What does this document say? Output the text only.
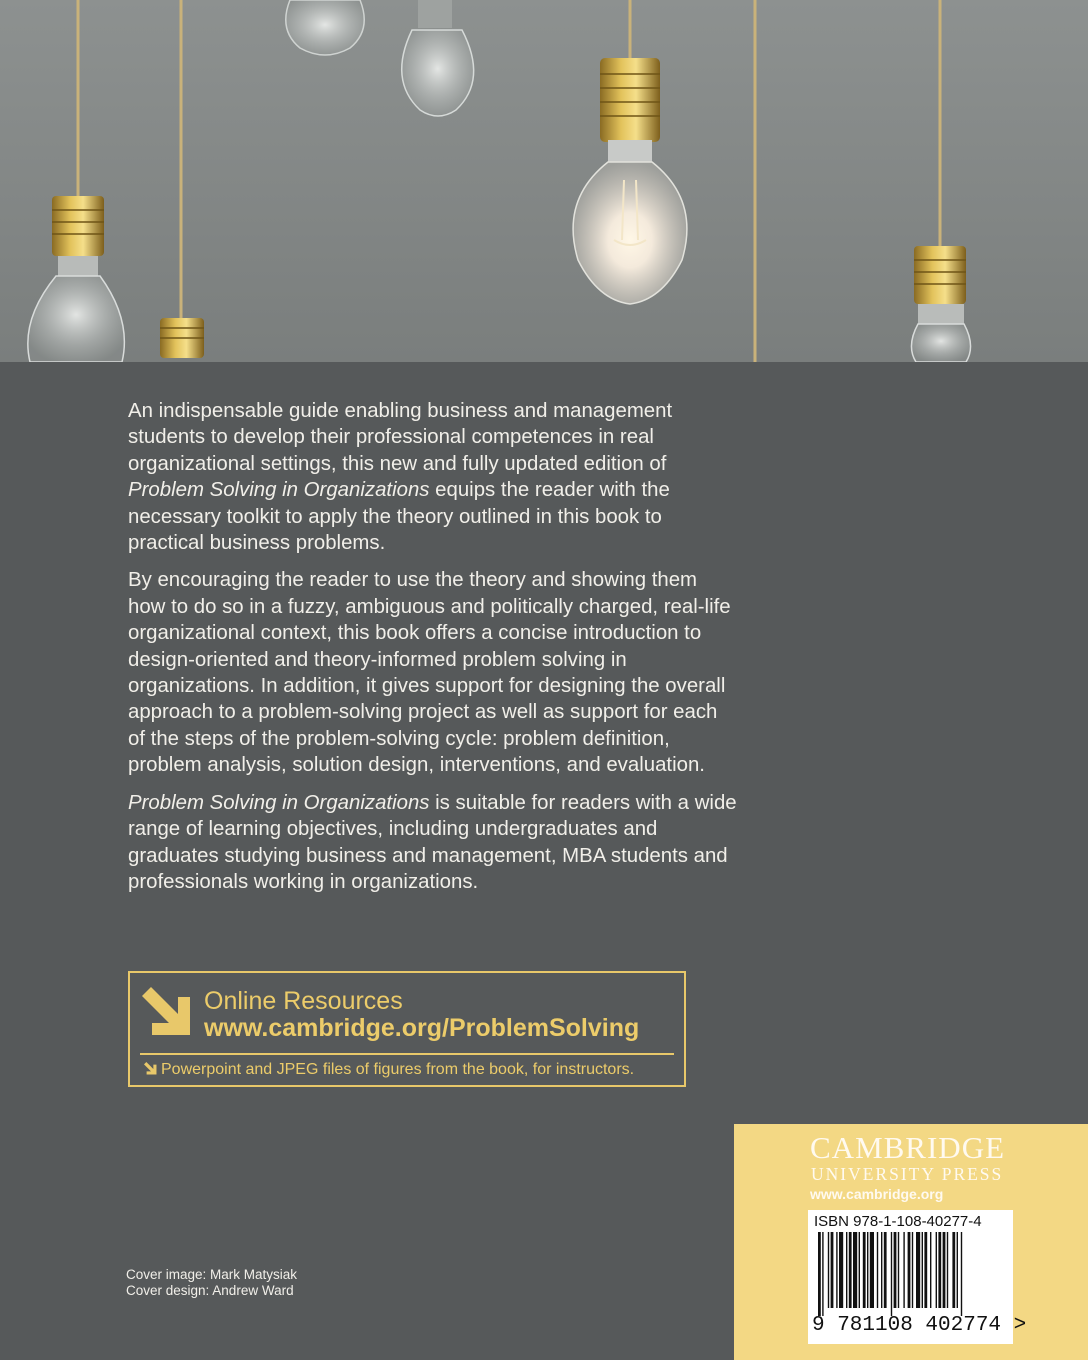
An indispensable guide enabling business and management students to develop their professional competences in real organizational settings, this new and fully updated edition of Problem Solving in Organizations equips the reader with the necessary toolkit to apply the theory outlined in this book to practical business problems.

By encouraging the reader to use the theory and showing them how to do so in a fuzzy, ambiguous and politically charged, real-life organizational context, this book offers a concise introduction to design-oriented and theory-informed problem solving in organizations. In addition, it gives support for designing the overall approach to a problem-solving project as well as support for each of the steps of the problem-solving cycle: problem definition, problem analysis, solution design, interventions, and evaluation.

Problem Solving in Organizations is suitable for readers with a wide range of learning objectives, including undergraduates and graduates studying business and management, MBA students and professionals working in organizations.

Online Resources
www.cambridge.org/ProblemSolving
Powerpoint and JPEG files of figures from the book, for instructors.
Cover image: Mark Matysiak
Cover design: Andrew Ward
CAMBRIDGE
UNIVERSITY PRESS
www.cambridge.org
ISBN 978-1-108-40277-4
9 781108 402774 >
